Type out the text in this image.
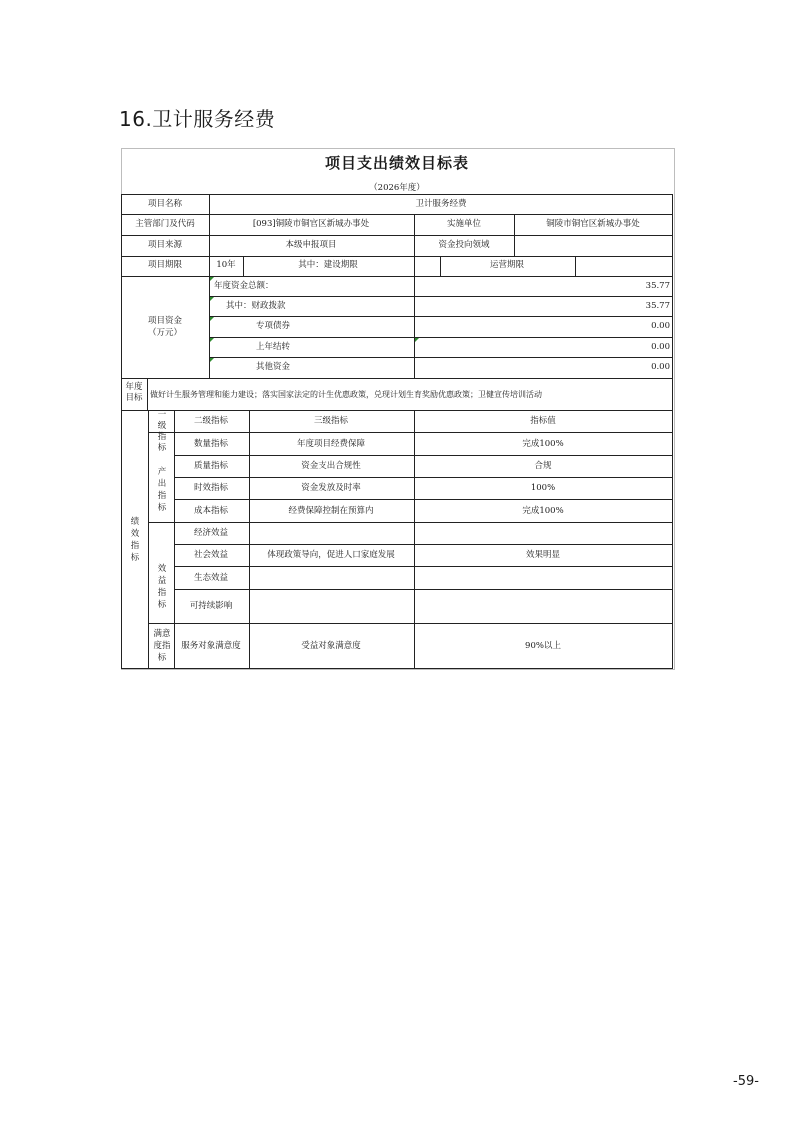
16.卫计服务经费
项目支出绩效目标表
（2026年度）
项目名称	卫计服务经费
主管部门及代码	[093]铜陵市铜官区新城办事处	实施单位	铜陵市铜官区新城办事处
项目来源	本级申报项目	资金投向领域
项目期限	10年	其中：建设期限	运营期限
项目资金
（万元）
年度资金总额：	35.77
其中：财政拨款	35.77
专项债券	0.00
上年结转	0.00
其他资金	0.00
年度
目标 做好计生服务管理和能力建设；落实国家法定的计生优惠政策，兑现计划生育奖励优惠政策；卫健宣传培训活动
一级指标
二级指标	三级指标	指标值
绩效指标
产出指标
效益指标
满意度指标
数量指标	年度项目经费保障	完成100%
质量指标	资金支出合规性	合规
时效指标	资金发放及时率	100%
成本指标	经费保障控制在预算内	完成100%
经济效益
社会效益	体现政策导向，促进人口家庭发展	效果明显
生态效益
可持续影响
服务对象满意度	受益对象满意度	90%以上
-59-
